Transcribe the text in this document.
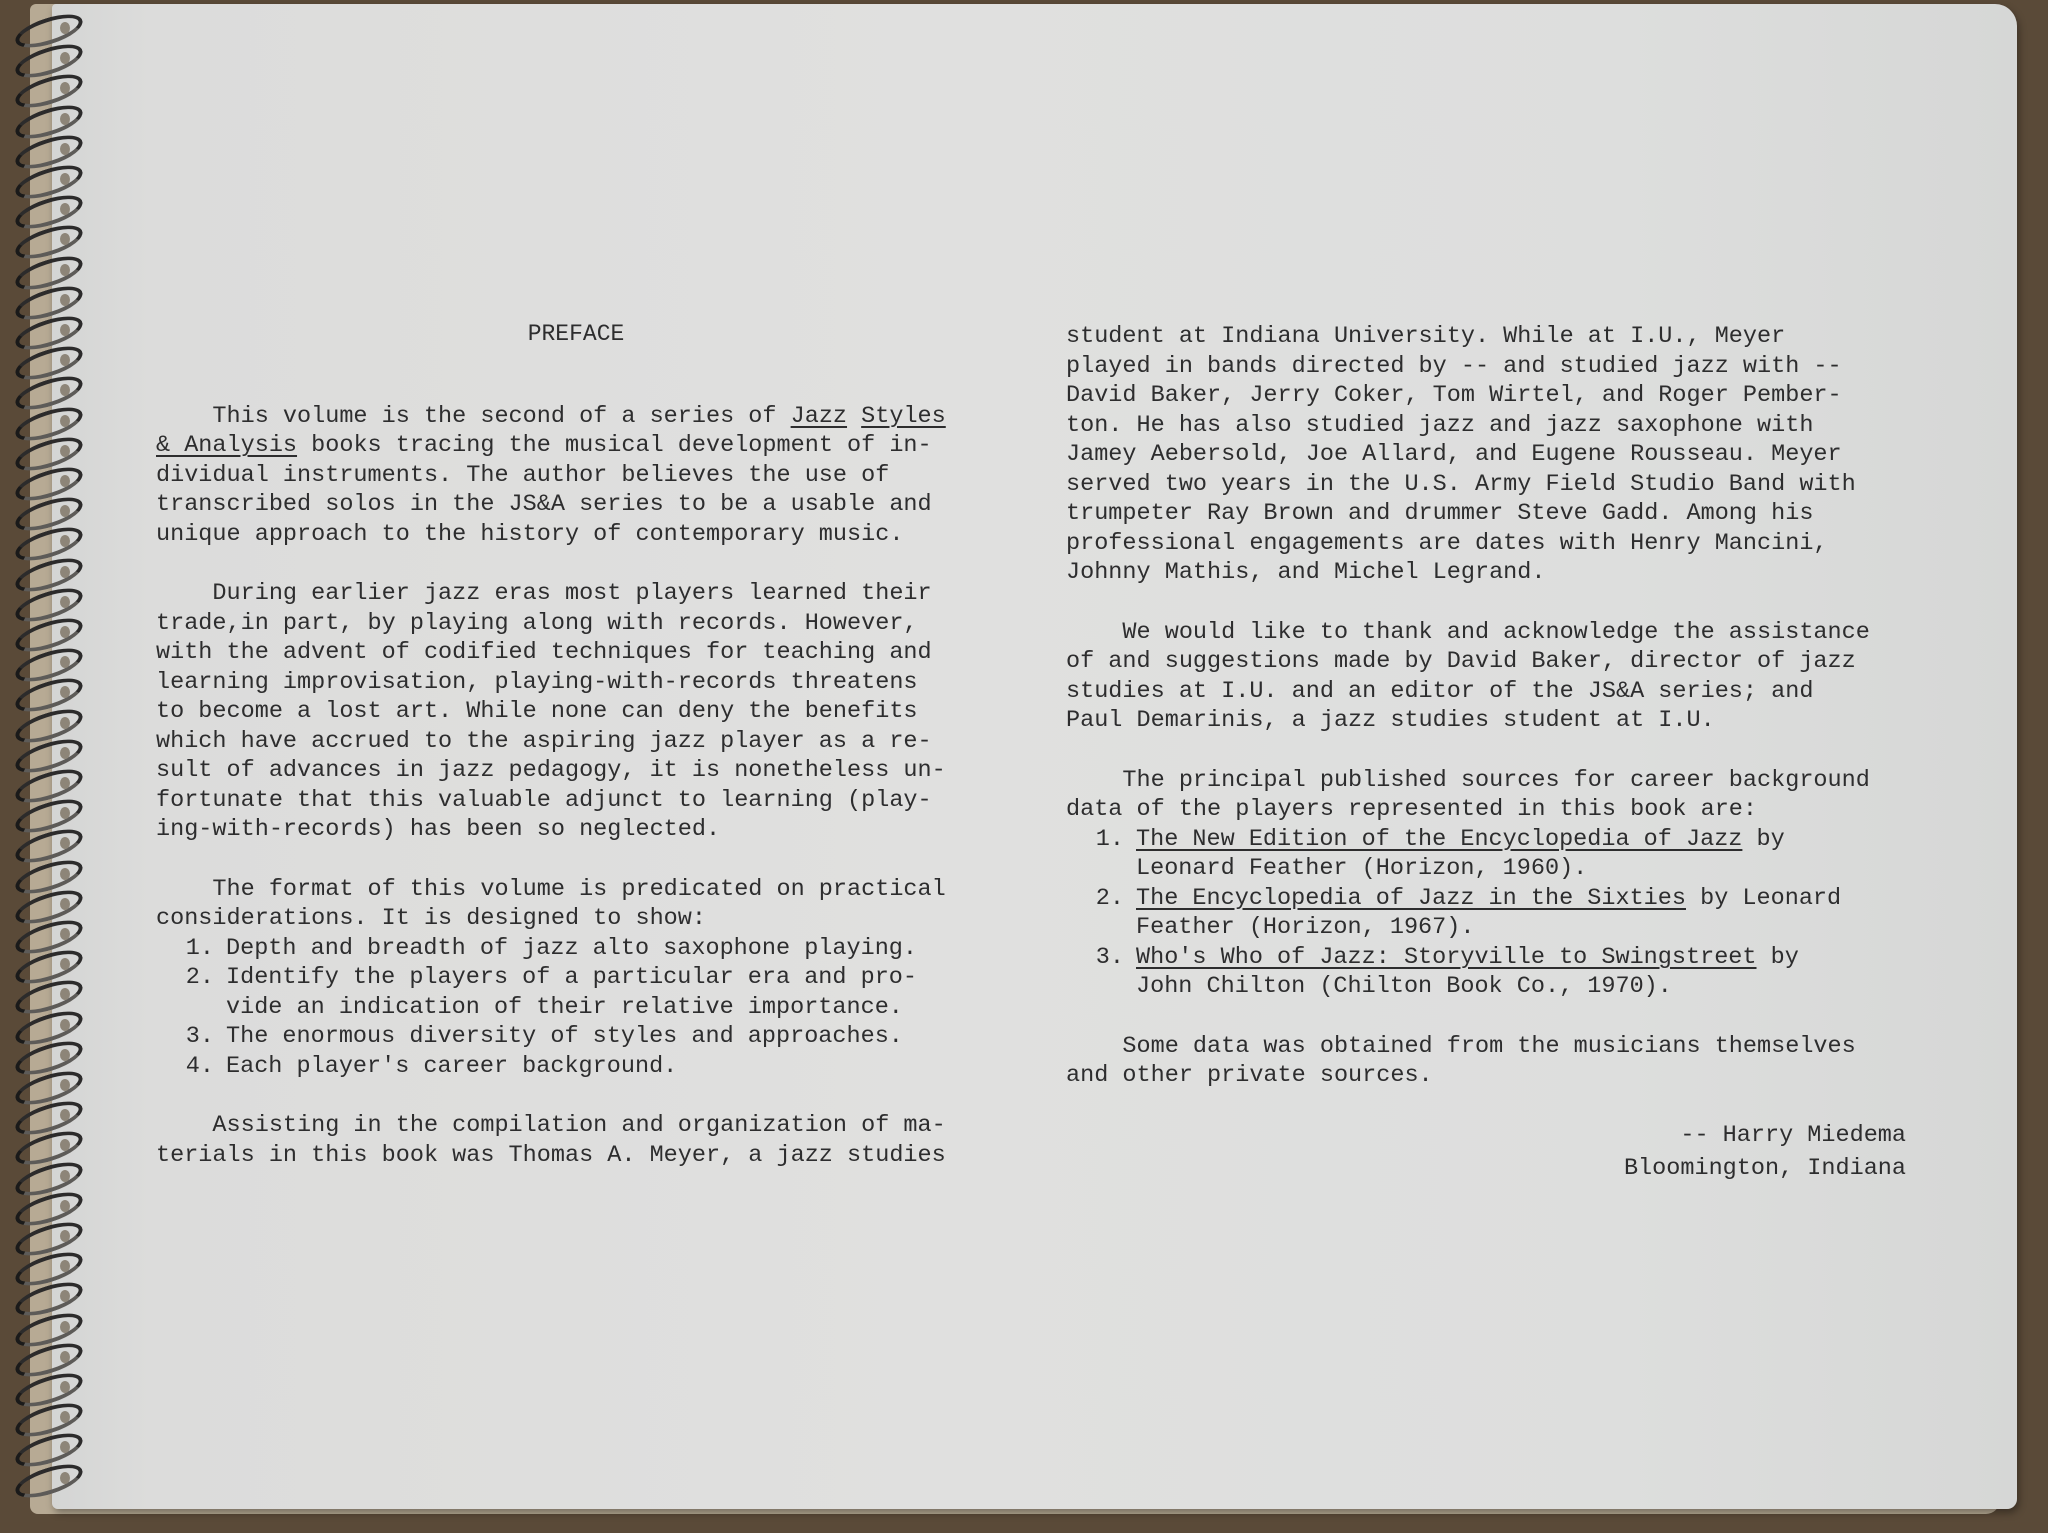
PREFACE

This volume is the second of a series of Jazz Styles
& Analysis books tracing the musical development of in-
dividual instruments. The author believes the use of
transcribed solos in the JS&A series to be a usable and
unique approach to the history of contemporary music.

During earlier jazz eras most players learned their
trade,in part, by playing along with records. However,
with the advent of codified techniques for teaching and
learning improvisation, playing-with-records threatens
to become a lost art. While none can deny the benefits
which have accrued to the aspiring jazz player as a re-
sult of advances in jazz pedagogy, it is nonetheless un-
fortunate that this valuable adjunct to learning (play-
ing-with-records) has been so neglected.

The format of this volume is predicated on practical
considerations. It is designed to show:

1. Depth and breadth of jazz alto saxophone playing.
2. Identify the players of a particular era and pro-
vide an indication of their relative importance.
3. The enormous diversity of styles and approaches.
4. Each player's career background.

Assisting in the compilation and organization of ma-
terials in this book was Thomas A. Meyer, a jazz studies

student at Indiana University. While at I.U., Meyer
played in bands directed by -- and studied jazz with --
David Baker, Jerry Coker, Tom Wirtel, and Roger Pember-
ton. He has also studied jazz and jazz saxophone with
Jamey Aebersold, Joe Allard, and Eugene Rousseau. Meyer
served two years in the U.S. Army Field Studio Band with
trumpeter Ray Brown and drummer Steve Gadd. Among his
professional engagements are dates with Henry Mancini,
Johnny Mathis, and Michel Legrand.

We would like to thank and acknowledge the assistance
of and suggestions made by David Baker, director of jazz
studies at I.U. and an editor of the JS&A series; and
Paul Demarinis, a jazz studies student at I.U.

The principal published sources for career background
data of the players represented in this book are:

1. The New Edition of the Encyclopedia of Jazz by
Leonard Feather (Horizon, 1960).
2. The Encyclopedia of Jazz in the Sixties by Leonard
Feather (Horizon, 1967).
3. Who's Who of Jazz: Storyville to Swingstreet by
John Chilton (Chilton Book Co., 1970).

Some data was obtained from the musicians themselves
and other private sources.

-- Harry Miedema
Bloomington, Indiana
